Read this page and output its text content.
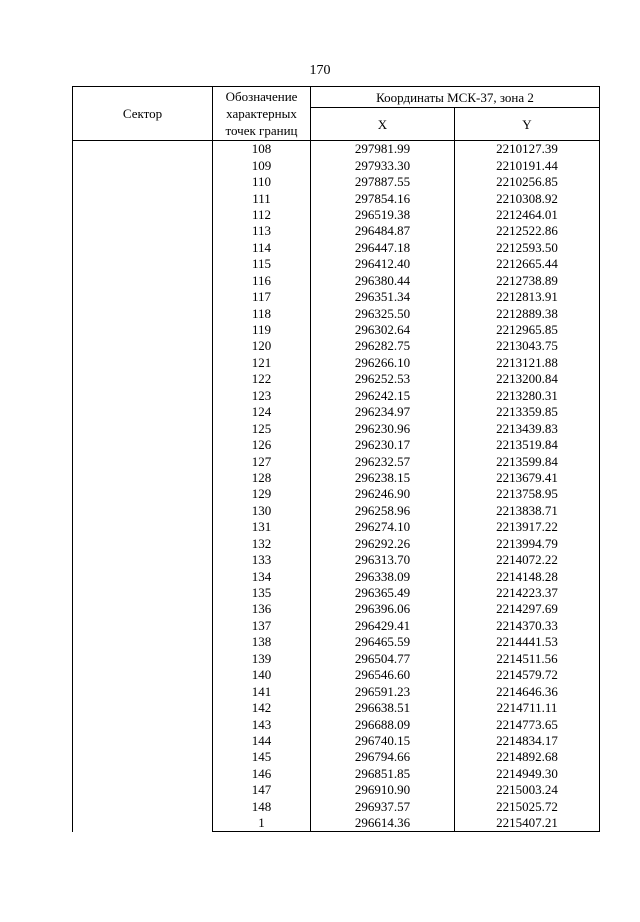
170
Сектор	Обозначение характерных точек границ	Координаты МСК-37, зона 2	
		X	Y
	108	297981.99	2210127.39
	109	297933.30	2210191.44
	110	297887.55	2210256.85
	111	297854.16	2210308.92
	112	296519.38	2212464.01
	113	296484.87	2212522.86
	114	296447.18	2212593.50
	115	296412.40	2212665.44
	116	296380.44	2212738.89
	117	296351.34	2212813.91
	118	296325.50	2212889.38
	119	296302.64	2212965.85
	120	296282.75	2213043.75
	121	296266.10	2213121.88
	122	296252.53	2213200.84
	123	296242.15	2213280.31
	124	296234.97	2213359.85
	125	296230.96	2213439.83
	126	296230.17	2213519.84
	127	296232.57	2213599.84
	128	296238.15	2213679.41
	129	296246.90	2213758.95
	130	296258.96	2213838.71
	131	296274.10	2213917.22
	132	296292.26	2213994.79
	133	296313.70	2214072.22
	134	296338.09	2214148.28
	135	296365.49	2214223.37
	136	296396.06	2214297.69
	137	296429.41	2214370.33
	138	296465.59	2214441.53
	139	296504.77	2214511.56
	140	296546.60	2214579.72
	141	296591.23	2214646.36
	142	296638.51	2214711.11
	143	296688.09	2214773.65
	144	296740.15	2214834.17
	145	296794.66	2214892.68
	146	296851.85	2214949.30
	147	296910.90	2215003.24
	148	296937.57	2215025.72
	1	296614.36	2215407.21
